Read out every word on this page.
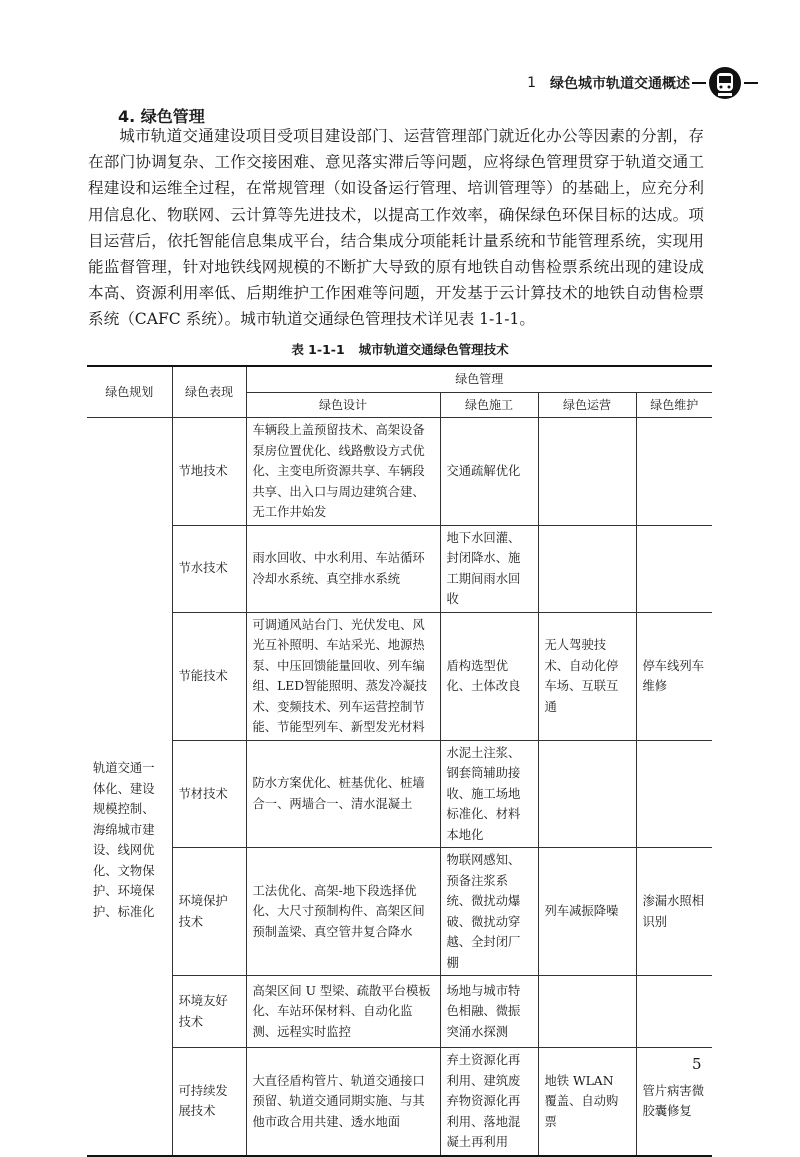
1 绿色城市轨道交通概述
4. 绿色管理

城市轨道交通建设项目受项目建设部门、运营管理部门就近化办公等因素的分割，存在部门协调复杂、工作交接困难、意见落实滞后等问题，应将绿色管理贯穿于轨道交通工程建设和运维全过程，在常规管理（如设备运行管理、培训管理等）的基础上，应充分利用信息化、物联网、云计算等先进技术，以提高工作效率，确保绿色环保目标的达成。项目运营后，依托智能信息集成平台，结合集成分项能耗计量系统和节能管理系统，实现用能监督管理，针对地铁线网规模的不断扩大导致的原有地铁自动售检票系统出现的建设成本高、资源利用率低、后期维护工作困难等问题，开发基于云计算技术的地铁自动售检票系统（CAFC 系统）。城市轨道交通绿色管理技术详见表 1-1-1。

表 1-1-1 城市轨道交通绿色管理技术
绿色规划	绿色表现	绿色管理			
		绿色设计	绿色施工	绿色运营	绿色维护
轨道交通一体化、建设规模控制、海绵城市建设、线网优化、文物保护、环境保护、标准化	节地技术	车辆段上盖预留技术、高架设备泵房位置优化、线路敷设方式优化、主变电所资源共享、车辆段共享、出入口与周边建筑合建、无工作井始发	交通疏解优化		
	节水技术	雨水回收、中水利用、车站循环冷却水系统、真空排水系统	地下水回灌、封闭降水、施工期间雨水回收		
	节能技术	可调通风站台门、光伏发电、风光互补照明、车站采光、地源热泵、中压回馈能量回收、列车编组、LED智能照明、蒸发冷凝技术、变频技术、列车运营控制节能、节能型列车、新型发光材料	盾构选型优化、土体改良	无人驾驶技术、自动化停车场、互联互通	停车线列车维修
	节材技术	防水方案优化、桩基优化、桩墙合一、两墙合一、清水混凝土	水泥土注浆、钢套筒辅助接收、施工场地标准化、材料本地化		
	环境保护技术	工法优化、高架-地下段选择优化、大尺寸预制构件、高架区间预制盖梁、真空管井复合降水	物联网感知、预备注浆系统、微扰动爆破、微扰动穿越、全封闭厂棚	列车减振降噪	渗漏水照相识别
	环境友好技术	高架区间 U 型梁、疏散平台模板化、车站环保材料、自动化监测、远程实时监控	场地与城市特色相融、微振突涌水探测		
	可持续发展技术	大直径盾构管片、轨道交通接口预留、轨道交通同期实施、与其他市政合用共建、透水地面	弃土资源化再利用、建筑废弃物资源化再利用、落地混凝土再利用	地铁 WLAN 覆盖、自动购票	管片病害微胶囊修复
5
